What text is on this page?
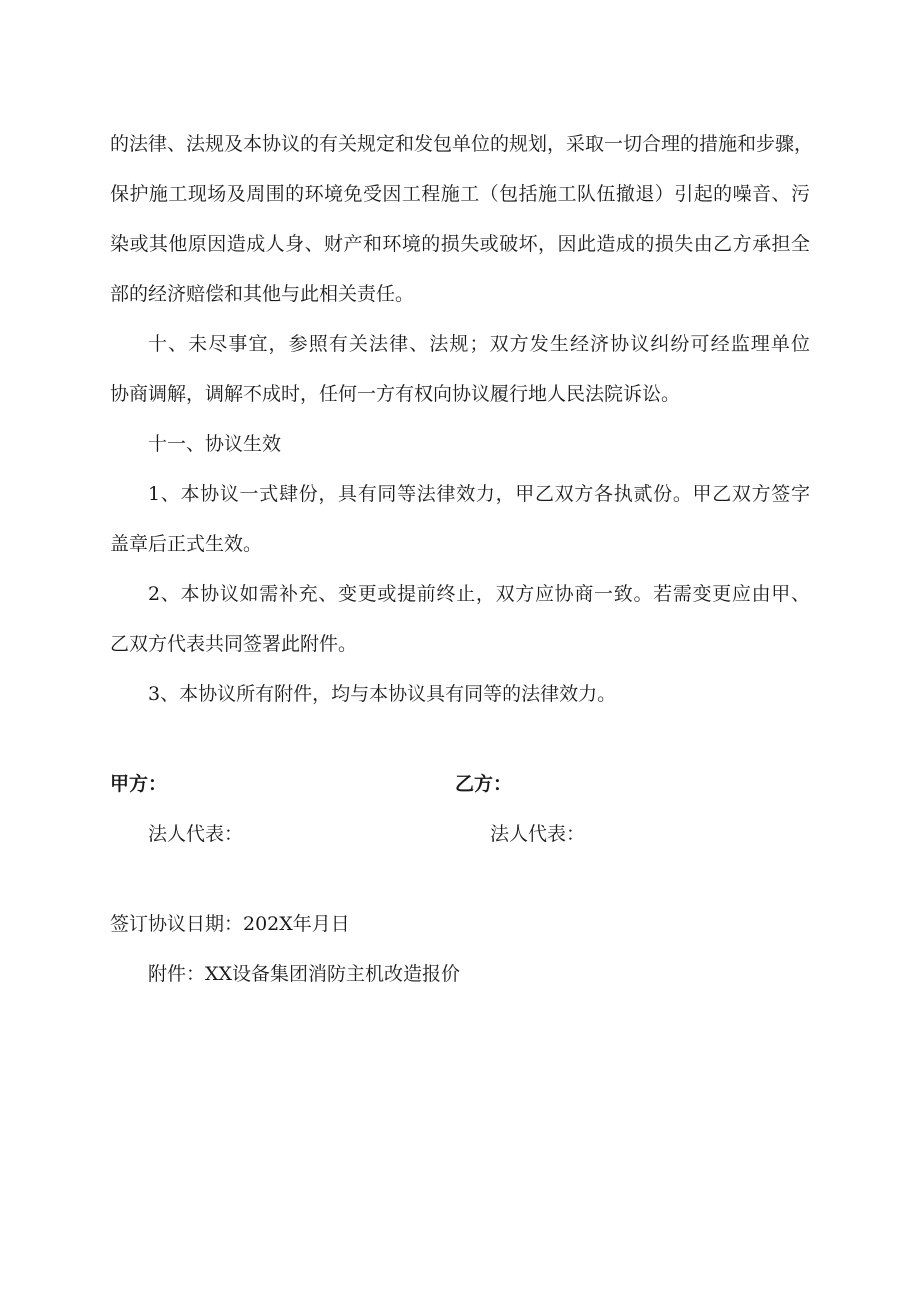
的法律、法规及本协议的有关规定和发包单位的规划，采取一切合理的措施和步骤，
保护施工现场及周围的环境免受因工程施工（包括施工队伍撤退）引起的噪音、污
染或其他原因造成人身、财产和环境的损失或破坏，因此造成的损失由乙方承担全
部的经济赔偿和其他与此相关责任。
十、未尽事宜，参照有关法律、法规；双方发生经济协议纠纷可经监理单位
协商调解，调解不成时，任何一方有权向协议履行地人民法院诉讼。
十一、协议生效
1、本协议一式肆份，具有同等法律效力，甲乙双方各执贰份。甲乙双方签字
盖章后正式生效。
2、本协议如需补充、变更或提前终止，双方应协商一致。若需变更应由甲、
乙双方代表共同签署此附件。
3、本协议所有附件，均与本协议具有同等的法律效力。
甲方：	乙方：
法人代表：	法人代表：
签订协议日期：202X年月日
附件：XX设备集团消防主机改造报价
